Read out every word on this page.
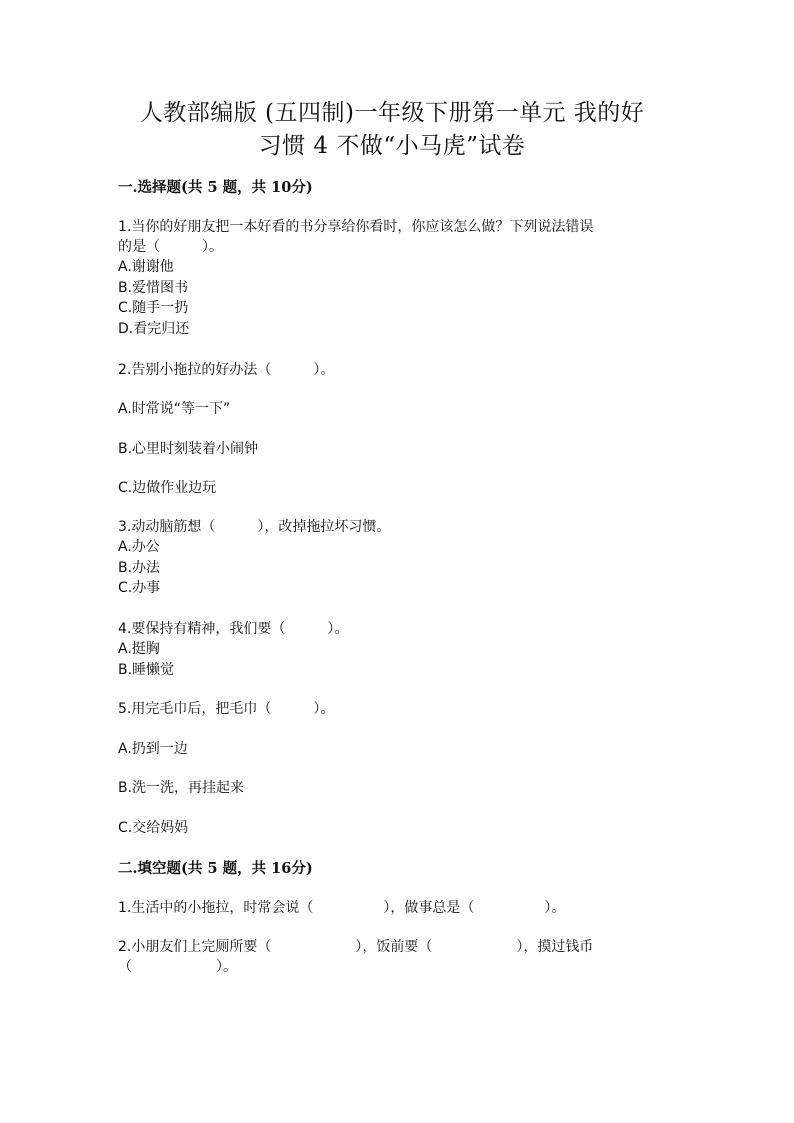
人教部编版 (五四制)一年级下册第一单元 我的好
习惯 4 不做“小马虎”试卷

一.选择题(共 5 题，共 10分)

1.当你的好朋友把一本好看的书分享给你看时，你应该怎么做？下列说法错误

的是（　　　）。

A.谢谢他

B.爱惜图书

C.随手一扔

D.看完归还

2.告别小拖拉的好办法（　　　）。

A.时常说“等一下”

B.心里时刻装着小闹钟

C.边做作业边玩

3.动动脑筋想（　　　），改掉拖拉坏习惯。

A.办公

B.办法

C.办事

4.要保持有精神，我们要（　　　）。

A.挺胸

B.睡懒觉

5.用完毛巾后，把毛巾（　　　）。

A.扔到一边

B.洗一洗，再挂起来

C.交给妈妈

二.填空题(共 5 题，共 16分)

1.生活中的小拖拉，时常会说（　　　　　），做事总是（　　　　　）。

2.小朋友们上完厕所要（　　　　　　），饭前要（　　　　　　），摸过钱币

（　　　　　　）。
